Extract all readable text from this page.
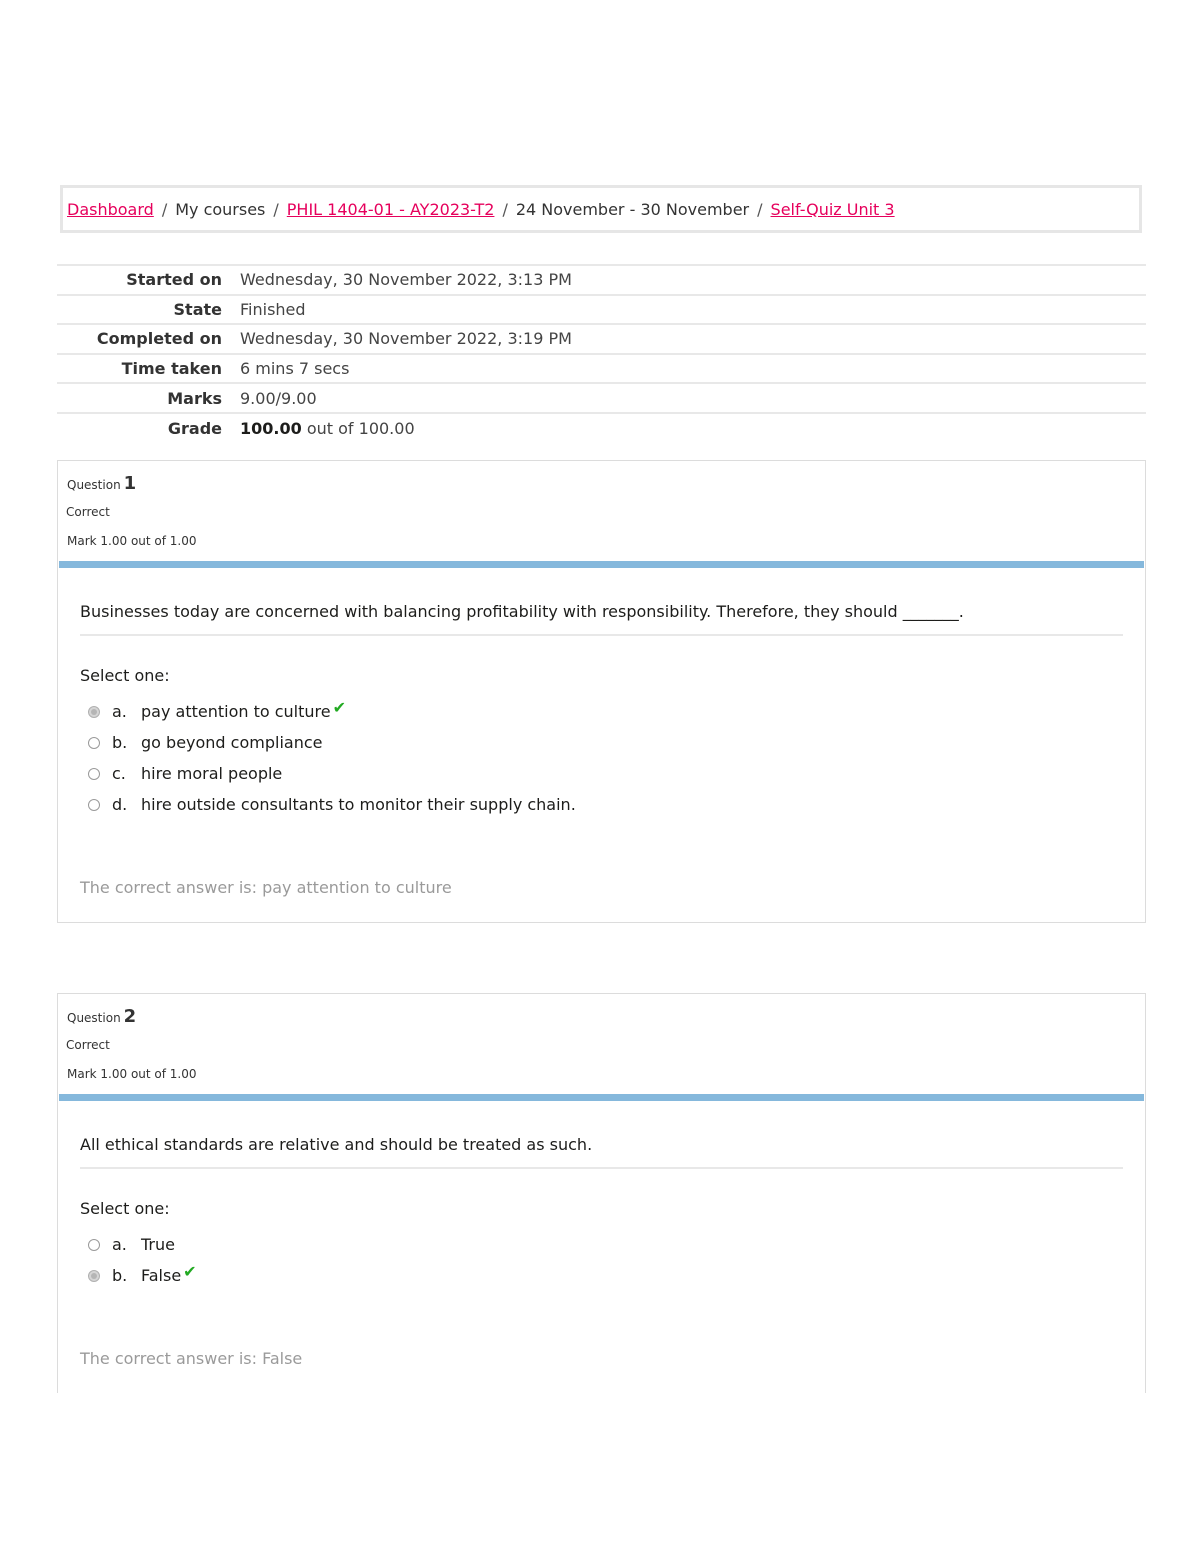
Dashboard / My courses / PHIL 1404-01 - AY2023-T2 / 24 November - 30 November / Self-Quiz Unit 3
Started on	Wednesday, 30 November 2022, 3:13 PM
State	Finished
Completed on	Wednesday, 30 November 2022, 3:19 PM
Time taken	6 mins 7 secs
Marks	9.00/9.00
Grade	100.00 out of 100.00
Question 1
Correct
Mark 1.00 out of 1.00
Businesses today are concerned with balancing profitability with responsibility. Therefore, they should _______.
Select one:
a. pay attention to culture ✔
b. go beyond compliance
c. hire moral people
d. hire outside consultants to monitor their supply chain.
The correct answer is: pay attention to culture
Question 2
Correct
Mark 1.00 out of 1.00
All ethical standards are relative and should be treated as such.
Select one:
a. True
b. False ✔
The correct answer is: False
